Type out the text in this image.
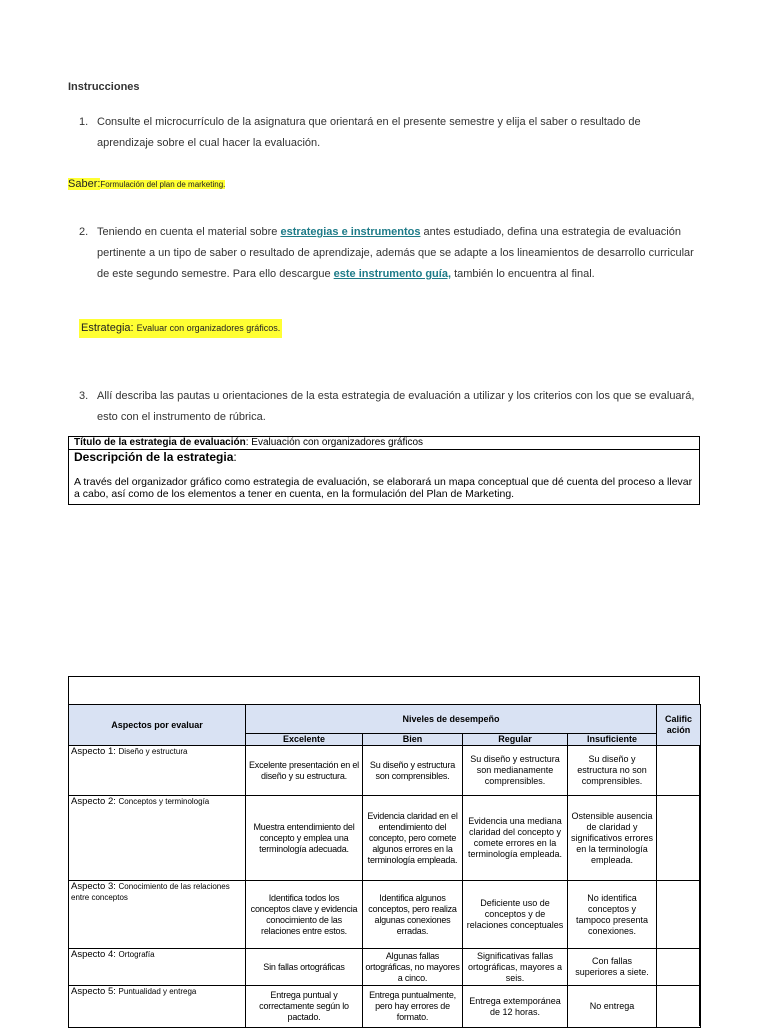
Instrucciones
1. Consulte el microcurrículo de la asignatura que orientará en el presente semestre y elija el saber o resultado de aprendizaje sobre el cual hacer la evaluación.
Saber:Formulación del plan de marketing.
2. Teniendo en cuenta el material sobre estrategias e instrumentos antes estudiado, defina una estrategia de evaluación pertinente a un tipo de saber o resultado de aprendizaje, además que se adapte a los lineamientos de desarrollo curricular de este segundo semestre. Para ello descargue este instrumento guía, también lo encuentra al final.
Estrategia: Evaluar con organizadores gráficos.
3. Allí describa las pautas u orientaciones de la esta estrategia de evaluación a utilizar y los criterios con los que se evaluará, esto con el instrumento de rúbrica.
Título de la estrategia de evaluación: Evaluación con organizadores gráficos

Descripción de la estrategia:
A través del organizador gráfico como estrategia de evaluación, se elaborará un mapa conceptual que dé cuenta del proceso a llevar a cabo, así como de los elementos a tener en cuenta, en la formulación del Plan de Marketing.
Aspectos por evaluar	Niveles de desempeño				Calific ación
	Excelente	Bien	Regular	Insuficiente	
Aspecto 1: Diseño y estructura	Excelente presentación en el diseño y su estructura.	Su diseño y estructura son comprensibles.	Su diseño y estructura son medianamente comprensibles.	Su diseño y estructura no son comprensibles.	
Aspecto 2: Conceptos y terminología	Muestra entendimiento del concepto y emplea una terminología adecuada.	Evidencia claridad en el entendimiento del concepto, pero comete algunos errores en la terminología empleada.	Evidencia una mediana claridad del concepto y comete errores en la terminología empleada.	Ostensible ausencia de claridad y significativos errores en la terminología empleada.	
Aspecto 3: Conocimiento de las relaciones entre conceptos	Identifica todos los conceptos clave y evidencia conocimiento de las relaciones entre estos.	Identifica algunos conceptos, pero realiza algunas conexiones erradas.	Deficiente uso de conceptos y de relaciones conceptuales	No identifica conceptos y tampoco presenta conexiones.	
Aspecto 4: Ortografía	Sin fallas ortográficas	Algunas fallas ortográficas, no mayores a cinco.	Significativas fallas ortográficas, mayores a seis.	Con fallas superiores a siete.	
Aspecto 5: Puntualidad y entrega	Entrega puntual y correctamente según lo pactado.	Entrega puntualmente, pero hay errores de formato.	Entrega extemporánea de 12 horas.	No entrega	
